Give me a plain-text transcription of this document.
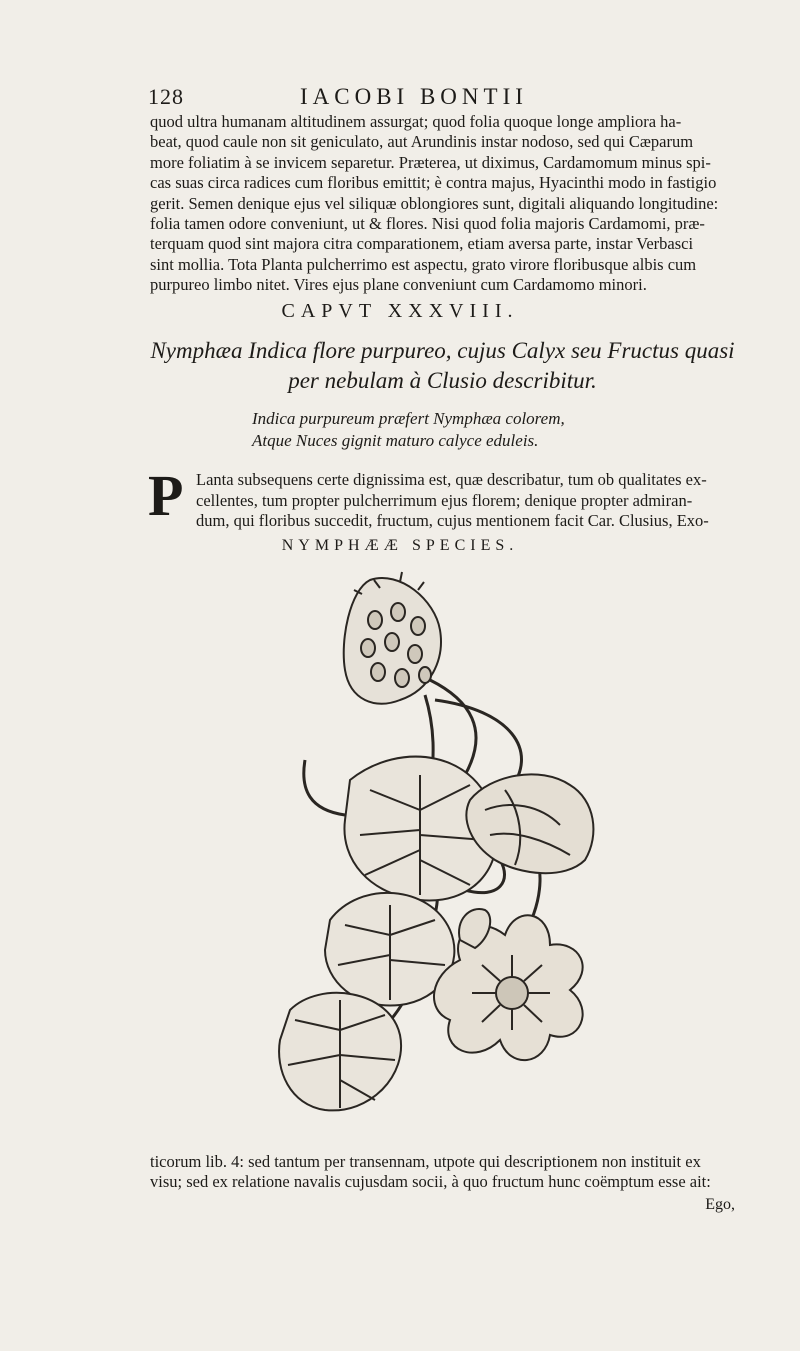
128	IACOBI BONTII
quod ultra humanam altitudinem assurgat; quod folia quoque longe ampliora ha-
beat, quod caule non sit geniculato, aut Arundinis instar nodoso, sed qui Cæparum
more foliatim à se invicem separetur. Præterea, ut diximus, Cardamomum minus spi-
cas suas circa radices cum floribus emittit; è contra majus, Hyacinthi modo in fastigio
gerit. Semen denique ejus vel siliquæ oblongiores sunt, digitali aliquando longitudine:
folia tamen odore conveniunt, ut & flores. Nisi quod folia majoris Cardamomi, præ-
terquam quod sint majora citra comparationem, etiam aversa parte, instar Verbasci
sint mollia. Tota Planta pulcherrimo est aspectu, grato virore floribusque albis cum
purpureo limbo nitet. Vires ejus plane conveniunt cum Cardamomo minori.
CAPVT XXXVIII.
Nymphæa Indica flore purpureo, cujus Calyx seu Fructus quasi
per nebulam à Clusio describitur.
Indica purpureum præfert Nymphæa colorem,
Atque Nuces gignit maturo calyce eduleis.
P Lanta subsequens certe dignissima est, quæ describatur, tum ob qualitates ex-
cellentes, tum propter pulcherrimum ejus florem; denique propter admiran-
dum, qui floribus succedit, fructum, cujus mentionem facit Car. Clusius, Exo-
NYMPHÆÆ SPECIES.
ticorum lib. 4: sed tantum per transennam, utpote qui descriptionem non instituit ex
visu; sed ex relatione navalis cujusdam socii, à quo fructum hunc coëmptum esse ait:
Ego,
